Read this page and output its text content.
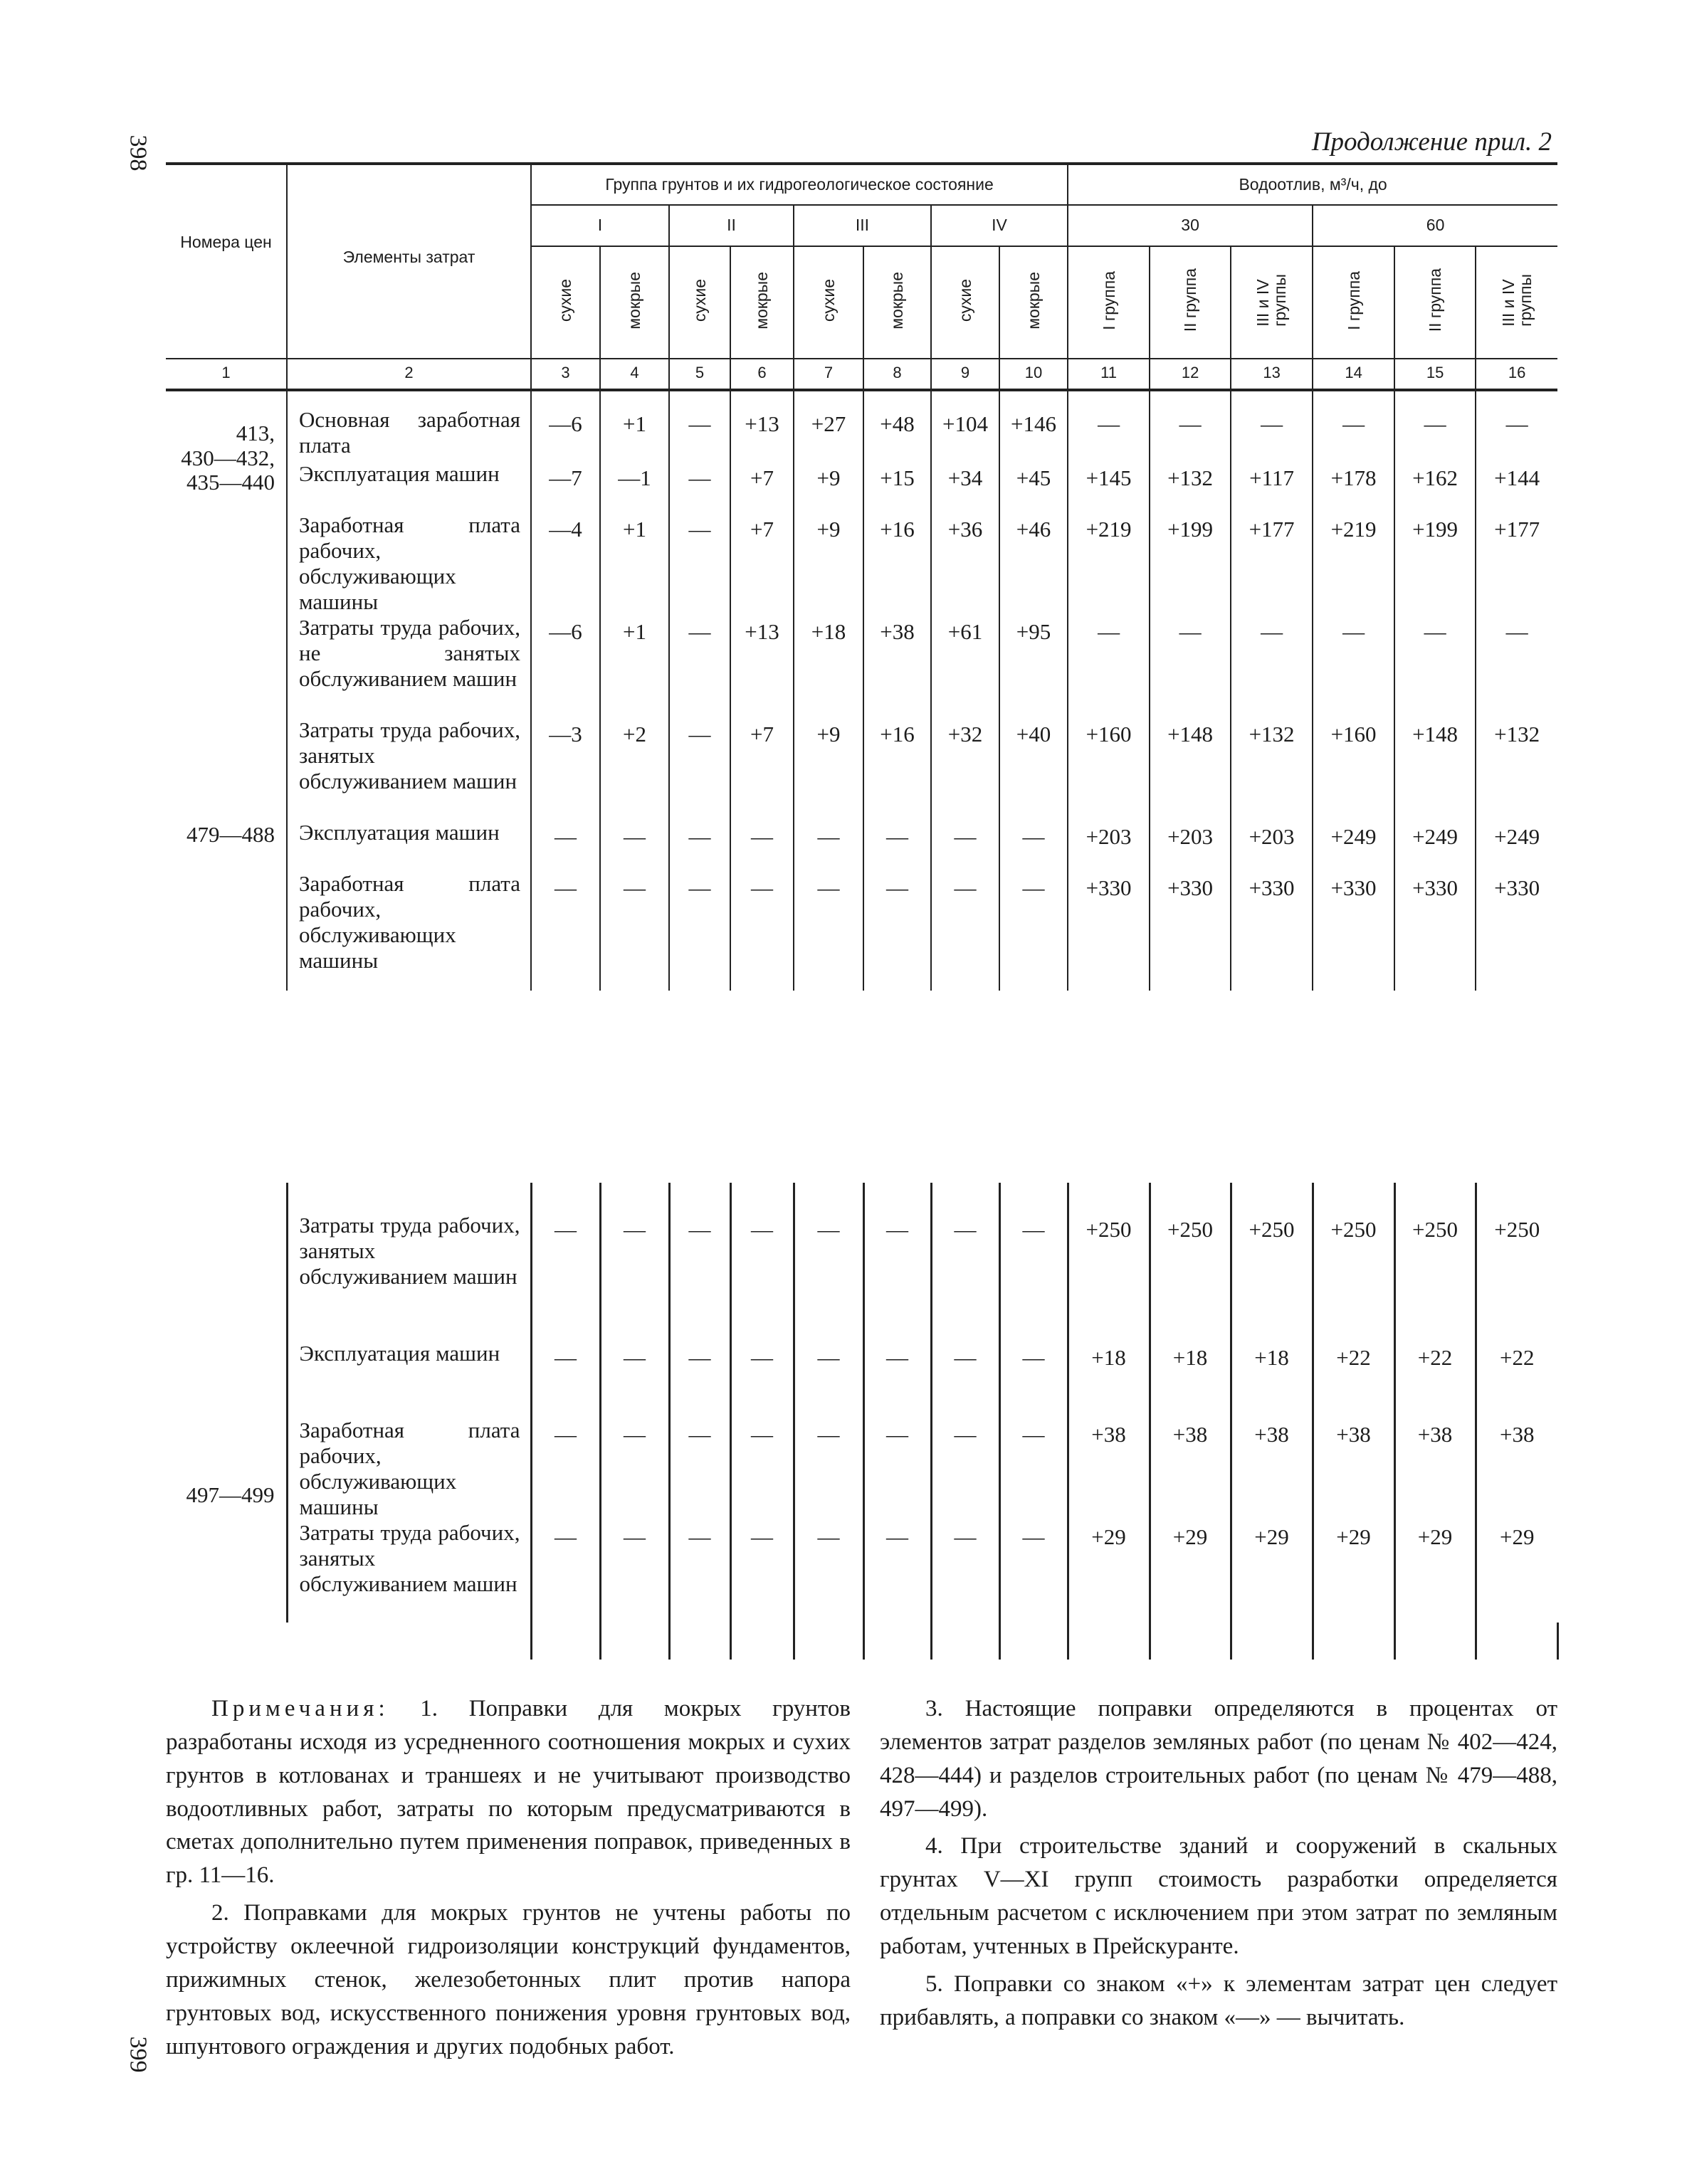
398
399
Продолжение прил. 2
Номера цен	Элементы затрат	Группа грунтов и их гидрогеологическое состояние								Водоотлив, м³/ч, до					
		I		II		III		IV		30			60		
		сухие	мокрые	сухие	мокрые	сухие	мокрые	сухие	мокрые	I группа	II группа	III и IV
группы	I группа	II группа	III и IV
группы
1	2	3	4	5	6	7	8	9	10	11	12	13	14	15	16

413,
430—432,
435—440	Основная заработная плата	—6	+1	—	+13	+27	+48	+104	+146	—	—	—	—	—	—
	Эксплуатация машин	—7	—1	—	+7	+9	+15	+34	+45	+145	+132	+117	+178	+162	+144
	Заработная плата рабочих, обслуживающих машины	—4	+1	—	+7	+9	+16	+36	+46	+219	+199	+177	+219	+199	+177
	Затраты труда рабочих, не занятых обслуживанием машин	—6	+1	—	+13	+18	+38	+61	+95	—	—	—	—	—	—
	Затраты труда рабочих, занятых обслуживанием машин	—3	+2	—	+7	+9	+16	+32	+40	+160	+148	+132	+160	+148	+132

479—488	Эксплуатация машин	—	—	—	—	—	—	—	—	+203	+203	+203	+249	+249	+249
	Заработная плата рабочих, обслуживающих машины	—	—	—	—	—	—	—	—	+330	+330	+330	+330	+330	+330

	Затраты труда рабочих, занятых обслуживанием машин	—	—	—	—	—	—	—	—	+250	+250	+250	+250	+250	+250	

497—499	Эксплуатация машин	—	—	—	—	—	—	—	—	+18	+18	+18	+22	+22	+22	
	Заработная плата рабочих, обслуживающих машины	—	—	—	—	—	—	—	—	+38	+38	+38	+38	+38	+38	
	Затраты труда рабочих, занятых обслуживанием машин	—	—	—	—	—	—	—	—	+29	+29	+29	+29	+29	+29	

Примечания: 1. Поправки для мокрых грунтов разработаны исходя из усредненного соотношения мокрых и сухих грунтов в котлованах и траншеях и не учитывают производство водоотливных работ, затраты по которым предусматриваются в сметах дополнительно путем применения поправок, приведенных в гр. 11—16.

2. Поправками для мокрых грунтов не учтены работы по устройству оклеечной гидроизоляции конструкций фундаментов, прижимных стенок, железобетонных плит против напора грунтовых вод, искусственного понижения уровня грунтовых вод, шпунтового ограждения и других подобных работ.

3. Настоящие поправки определяются в процентах от элементов затрат разделов земляных работ (по ценам № 402—424, 428—444) и разделов строительных работ (по ценам № 479—488, 497—499).

4. При строительстве зданий и сооружений в скальных грунтах V—XI групп стоимость разработки определяется отдельным расчетом с исключением при этом затрат по земляным работам, учтенных в Прейскуранте.

5. Поправки со знаком «+» к элементам затрат цен следует прибавлять, а поправки со знаком «—» — вычитать.
